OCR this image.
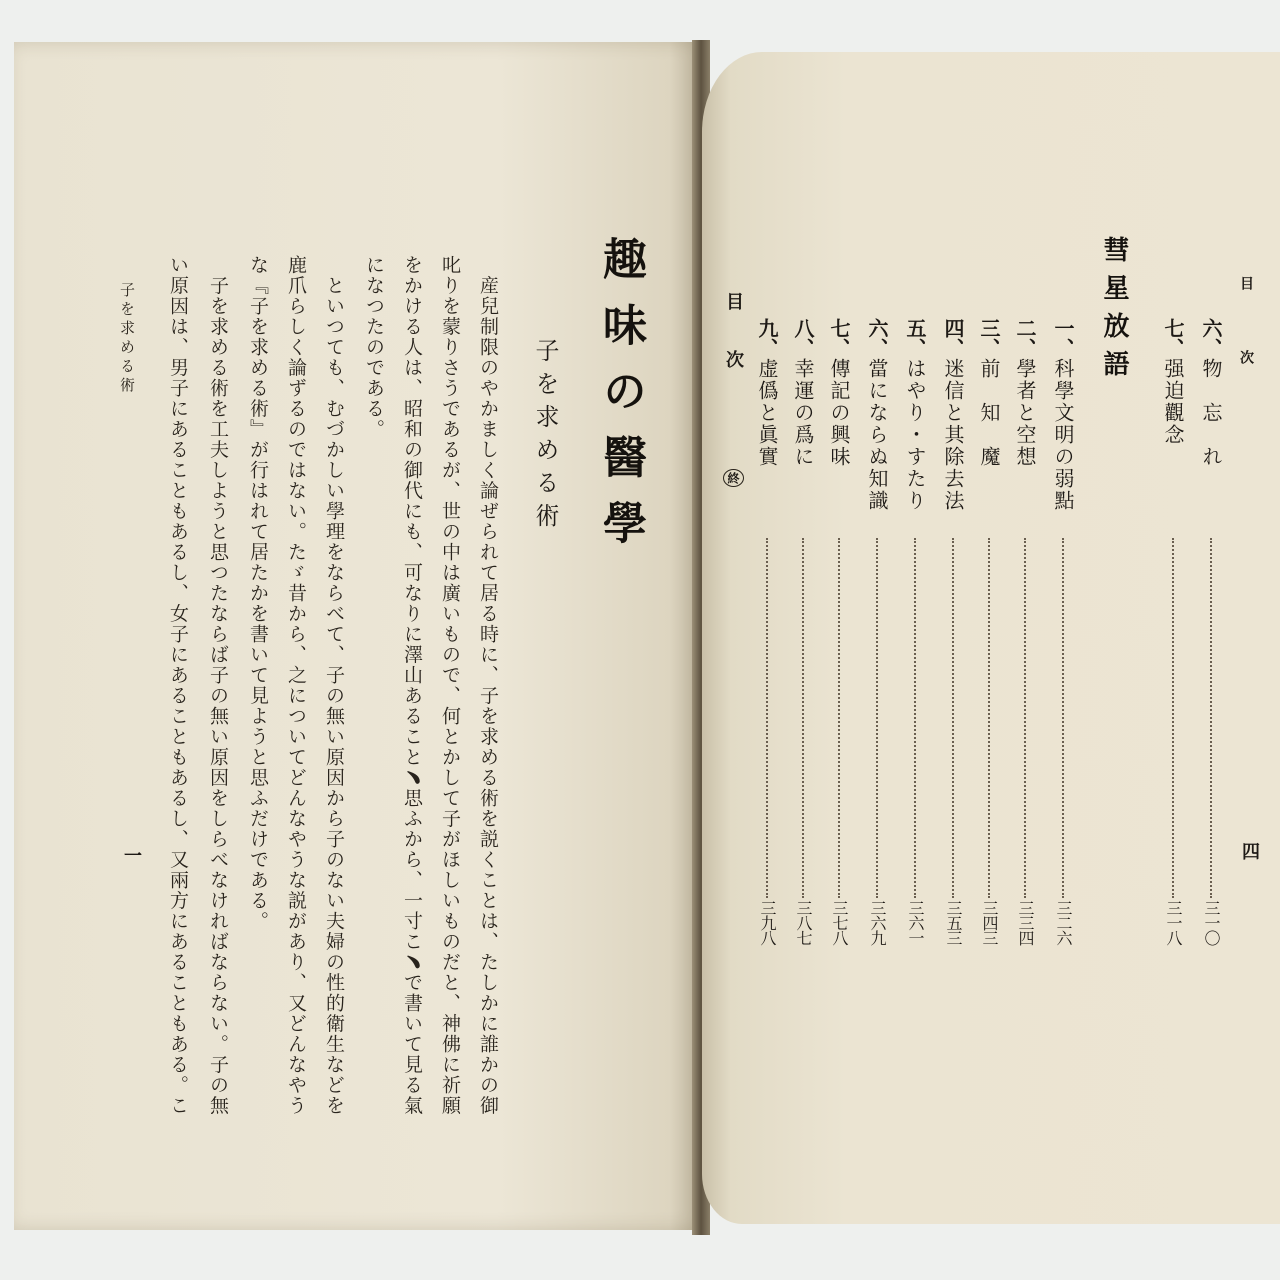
趣味の醫學
子を求める術
　産兒制限のやかましく論ぜられて居る時に、子を求める術を説くことは、たしかに誰かの御
叱りを蒙りさうであるが、世の中は廣いもので、何とかして子がほしいものだと、神佛に祈願
をかける人は、昭和の御代にも、可なりに澤山あること﹅思ふから、一寸こ﹅で書いて見る氣
になつたのである。
　といつても、むづかしい學理をならべて、子の無い原因から子のない夫婦の性的衛生などを
鹿爪らしく論ずるのではない。たゞ昔から、之についてどんなやうな説があり、又どんなやう
な『子を求める術』が行はれて居たかを書いて見ようと思ふだけである。
　子を求める術を工夫しようと思つたならば子の無い原因をしらべなければならない。子の無
い原因は、男子にあることもあるし、女子にあることもあるし、又兩方にあることもある。こ
子を求める術
一
目次
四
彗星放語	六、
物　忘　れ
三一〇
七、
强迫觀念
三一八
一、
科學文明の弱點
三二六
二、
學者と空想
三三四
三、
前　知　魔
三四三
四、
迷信と其除去法
三五三
五、
はやり・すたり
三六一
六、
當にならぬ知識
三六九
七、
傳記の興味
三七八
八、
幸運の爲に
三八七
九、
虚僞と眞實
三九八
目次 終
